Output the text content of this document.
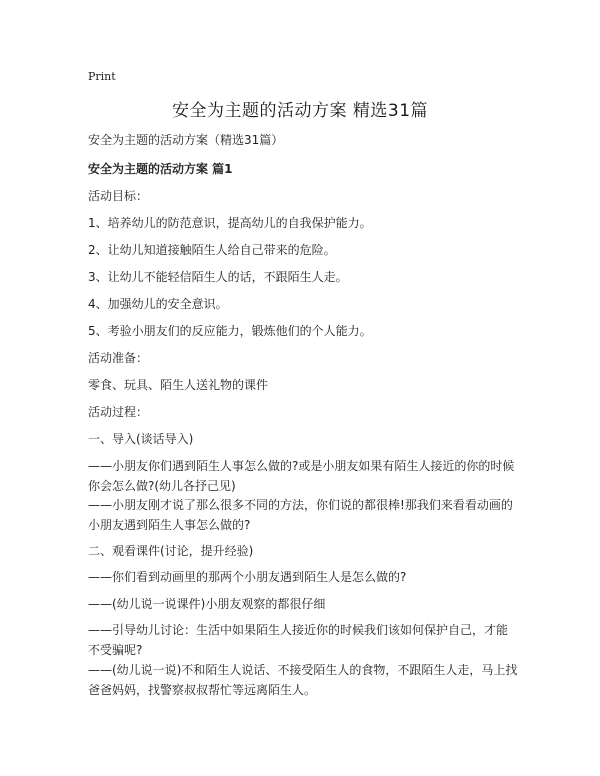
Print
安全为主题的活动方案 精选31篇
安全为主题的活动方案（精选31篇）
安全为主题的活动方案 篇1
活动目标：
1、培养幼儿的防范意识，提高幼儿的自我保护能力。
2、让幼儿知道接触陌生人给自己带来的危险。
3、让幼儿不能轻信陌生人的话，不跟陌生人走。
4、加强幼儿的安全意识。
5、考验小朋友们的反应能力，锻炼他们的个人能力。
活动准备：
零食、玩具、陌生人送礼物的课件
活动过程：
一、导入(谈话导入)
——小朋友你们遇到陌生人事怎么做的?或是小朋友如果有陌生人接近的你的时候你会怎么做?(幼儿各抒己见)
——小朋友刚才说了那么很多不同的方法，你们说的都很棒!那我们来看看动画的小朋友遇到陌生人事怎么做的?
二、观看课件(讨论，提升经验)
——你们看到动画里的那两个小朋友遇到陌生人是怎么做的?
——(幼儿说一说课件)小朋友观察的都很仔细
——引导幼儿讨论：生活中如果陌生人接近你的时候我们该如何保护自己，才能不受骗呢?
——(幼儿说一说)不和陌生人说话、不接受陌生人的食物，不跟陌生人走，马上找爸爸妈妈，找警察叔叔帮忙等远离陌生人。
